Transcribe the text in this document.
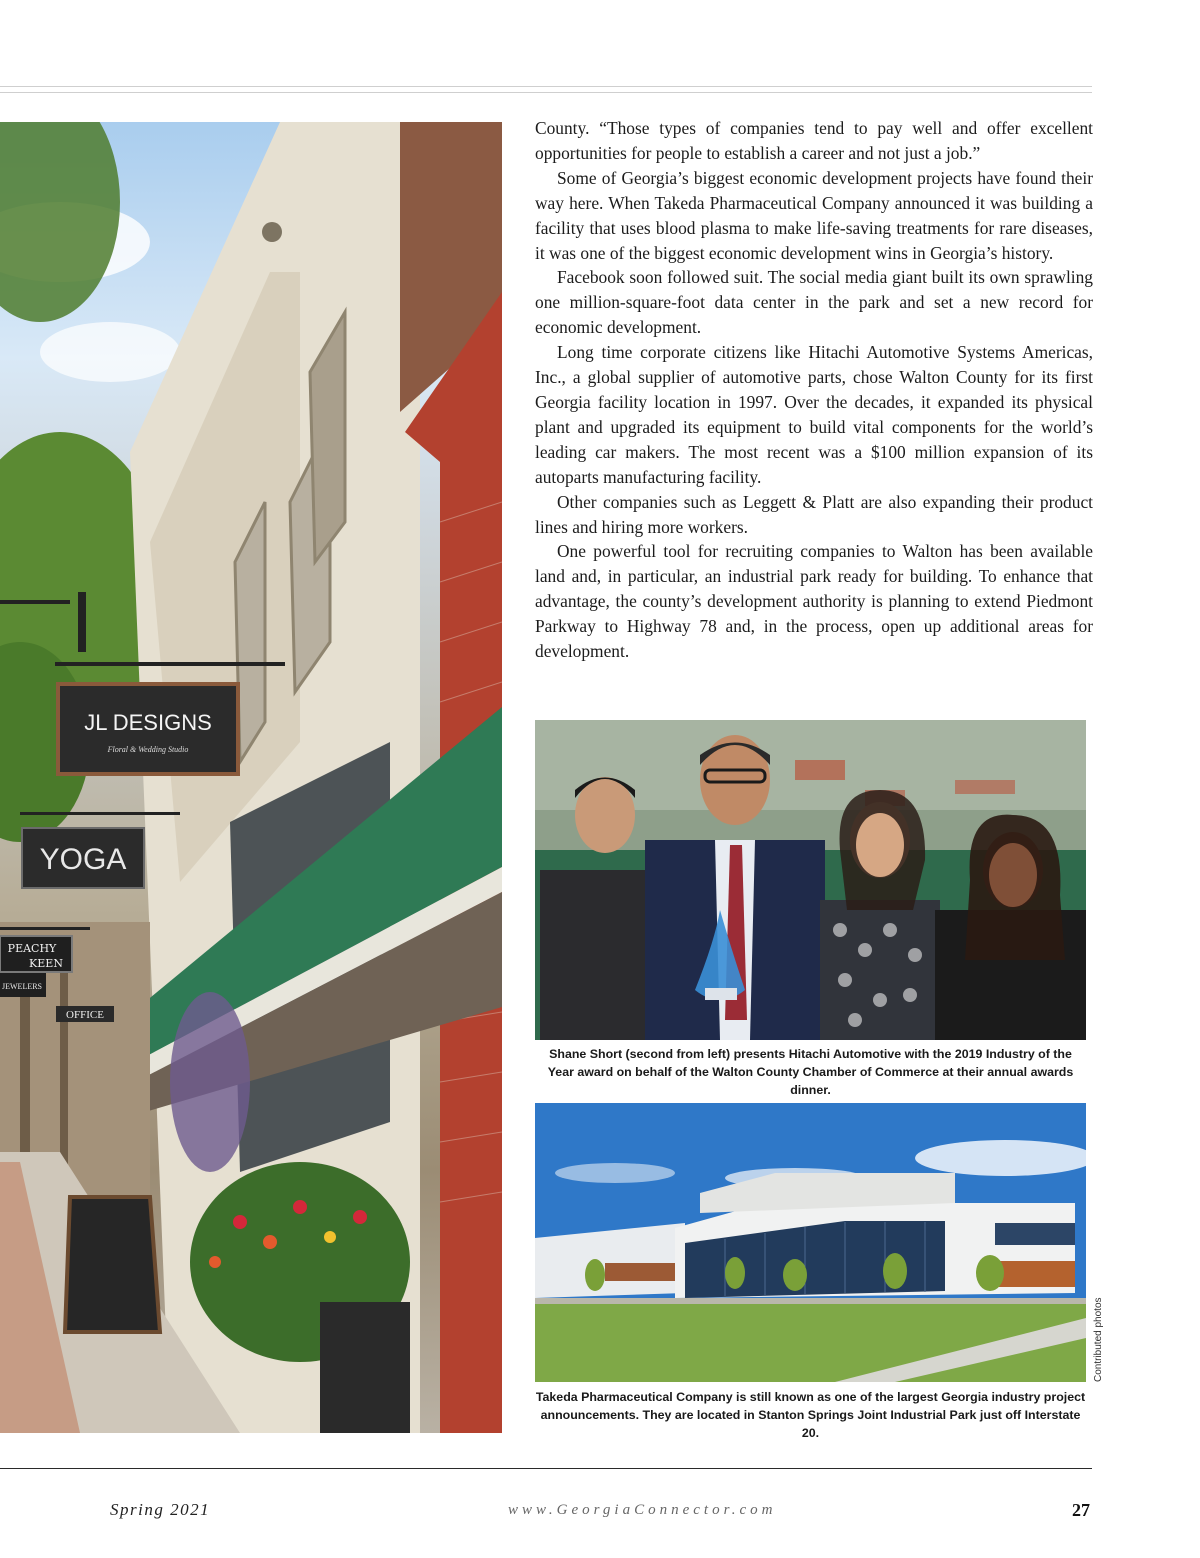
JL DESIGNS
Floral & Wedding Studio
YOGA
PEACHY
KEEN
JEWELERS
OFFICE

County. “Those types of companies tend to pay well and offer excellent opportunities for people to establish a career and not just a job.”

Some of Georgia’s biggest economic development projects have found their way here. When Takeda Pharmaceutical Company announced it was building a facility that uses blood plasma to make life-saving treatments for rare diseases, it was one of the biggest economic development wins in Georgia’s history.

Facebook soon followed suit. The social media giant built its own sprawling one million-square-foot data center in the park and set a new record for economic development.

Long time corporate citizens like Hitachi Automotive Systems Americas, Inc., a global supplier of automotive parts, chose Walton County for its first Georgia facility location in 1997. Over the decades, it expanded its physical plant and upgraded its equipment to build vital components for the world’s leading car makers. The most recent was a $100 million expansion of its autoparts manufacturing facility.

Other companies such as Leggett & Platt are also expanding their product lines and hiring more workers.

One powerful tool for recruiting companies to Walton has been available land and, in particular, an industrial park ready for building. To enhance that advantage, the county’s development authority is planning to extend Piedmont Parkway to Highway 78 and, in the process, open up additional areas for development.

Shane Short (second from left) presents Hitachi Automotive with the 2019 Industry of the Year award on behalf of the Walton County Chamber of Commerce at their annual awards dinner.
Takeda Pharmaceutical Company is still known as one of the largest Georgia industry project announcements. They are located in Stanton Springs Joint Industrial Park just off Interstate 20.
Contributed photos
Spring 2021	www.GeorgiaConnector.com	27
